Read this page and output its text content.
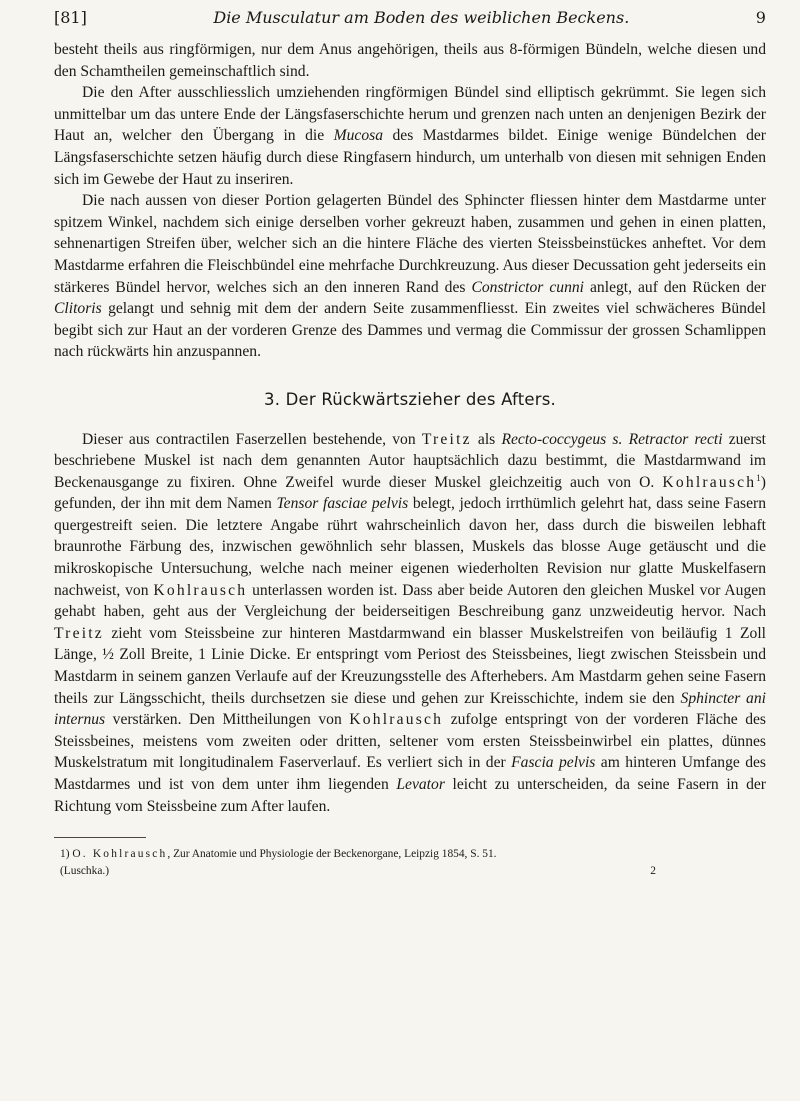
[81]	Die Musculatur am Boden des weiblichen Beckens.	9

besteht theils aus ringförmigen, nur dem Anus angehörigen, theils aus 8-förmigen Bündeln, welche diesen und den Schamtheilen gemeinschaftlich sind.

Die den After ausschliesslich umziehenden ringförmigen Bündel sind elliptisch gekrümmt. Sie legen sich unmittelbar um das untere Ende der Längsfaserschichte herum und grenzen nach unten an denjenigen Bezirk der Haut an, welcher den Übergang in die Mucosa des Mastdarmes bildet. Einige wenige Bündelchen der Längsfaserschichte setzen häufig durch diese Ringfasern hindurch, um unterhalb von diesen mit sehnigen Enden sich im Gewebe der Haut zu inseriren.

Die nach aussen von dieser Portion gelagerten Bündel des Sphincter fliessen hinter dem Mastdarme unter spitzem Winkel, nachdem sich einige derselben vorher gekreuzt haben, zusammen und gehen in einen platten, sehnenartigen Streifen über, welcher sich an die hintere Fläche des vierten Steissbeinstückes anheftet. Vor dem Mastdarme erfahren die Fleischbündel eine mehrfache Durchkreuzung. Aus dieser Decussation geht jederseits ein stärkeres Bündel hervor, welches sich an den inneren Rand des Constrictor cunni anlegt, auf den Rücken der Clitoris gelangt und sehnig mit dem der andern Seite zusammenfliesst. Ein zweites viel schwächeres Bündel begibt sich zur Haut an der vorderen Grenze des Dammes und vermag die Commissur der grossen Schamlippen nach rückwärts hin anzuspannen.

3. Der Rückwärtszieher des Afters.

Dieser aus contractilen Faserzellen bestehende, von Treitz als Recto-coccygeus s. Retractor recti zuerst beschriebene Muskel ist nach dem genannten Autor hauptsächlich dazu bestimmt, die Mastdarmwand im Beckenausgange zu fixiren. Ohne Zweifel wurde dieser Muskel gleichzeitig auch von O. Kohlrausch$^1$) gefunden, der ihn mit dem Namen Tensor fasciae pelvis belegt, jedoch irrthümlich gelehrt hat, dass seine Fasern quergestreift seien. Die letztere Angabe rührt wahrscheinlich davon her, dass durch die bisweilen lebhaft braunrothe Färbung des, inzwischen gewöhnlich sehr blassen, Muskels das blosse Auge getäuscht und die mikroskopische Untersuchung, welche nach meiner eigenen wiederholten Revision nur glatte Muskelfasern nachweist, von Kohlrausch unterlassen worden ist. Dass aber beide Autoren den gleichen Muskel vor Augen gehabt haben, geht aus der Vergleichung der beiderseitigen Beschreibung ganz unzweideutig hervor. Nach Treitz zieht vom Steissbeine zur hinteren Mastdarmwand ein blasser Muskelstreifen von beiläufig 1 Zoll Länge, ½ Zoll Breite, 1 Linie Dicke. Er entspringt vom Periost des Steissbeines, liegt zwischen Steissbein und Mastdarm in seinem ganzen Verlaufe auf der Kreuzungsstelle des Afterhebers. Am Mastdarm gehen seine Fasern theils zur Längsschicht, theils durchsetzen sie diese und gehen zur Kreisschichte, indem sie den Sphincter ani internus verstärken. Den Mittheilungen von Kohlrausch zufolge entspringt von der vorderen Fläche des Steissbeines, meistens vom zweiten oder dritten, seltener vom ersten Steissbeinwirbel ein plattes, dünnes Muskelstratum mit longitudinalem Faserverlauf. Es verliert sich in der Fascia pelvis am hinteren Umfange des Mastdarmes und ist von dem unter ihm liegenden Levator leicht zu unterscheiden, da seine Fasern in der Richtung vom Steissbeine zum After laufen.

1) O. Kohlrausch, Zur Anatomie und Physiologie der Beckenorgane, Leipzig 1854, S. 51.
(Luschka.)	2
